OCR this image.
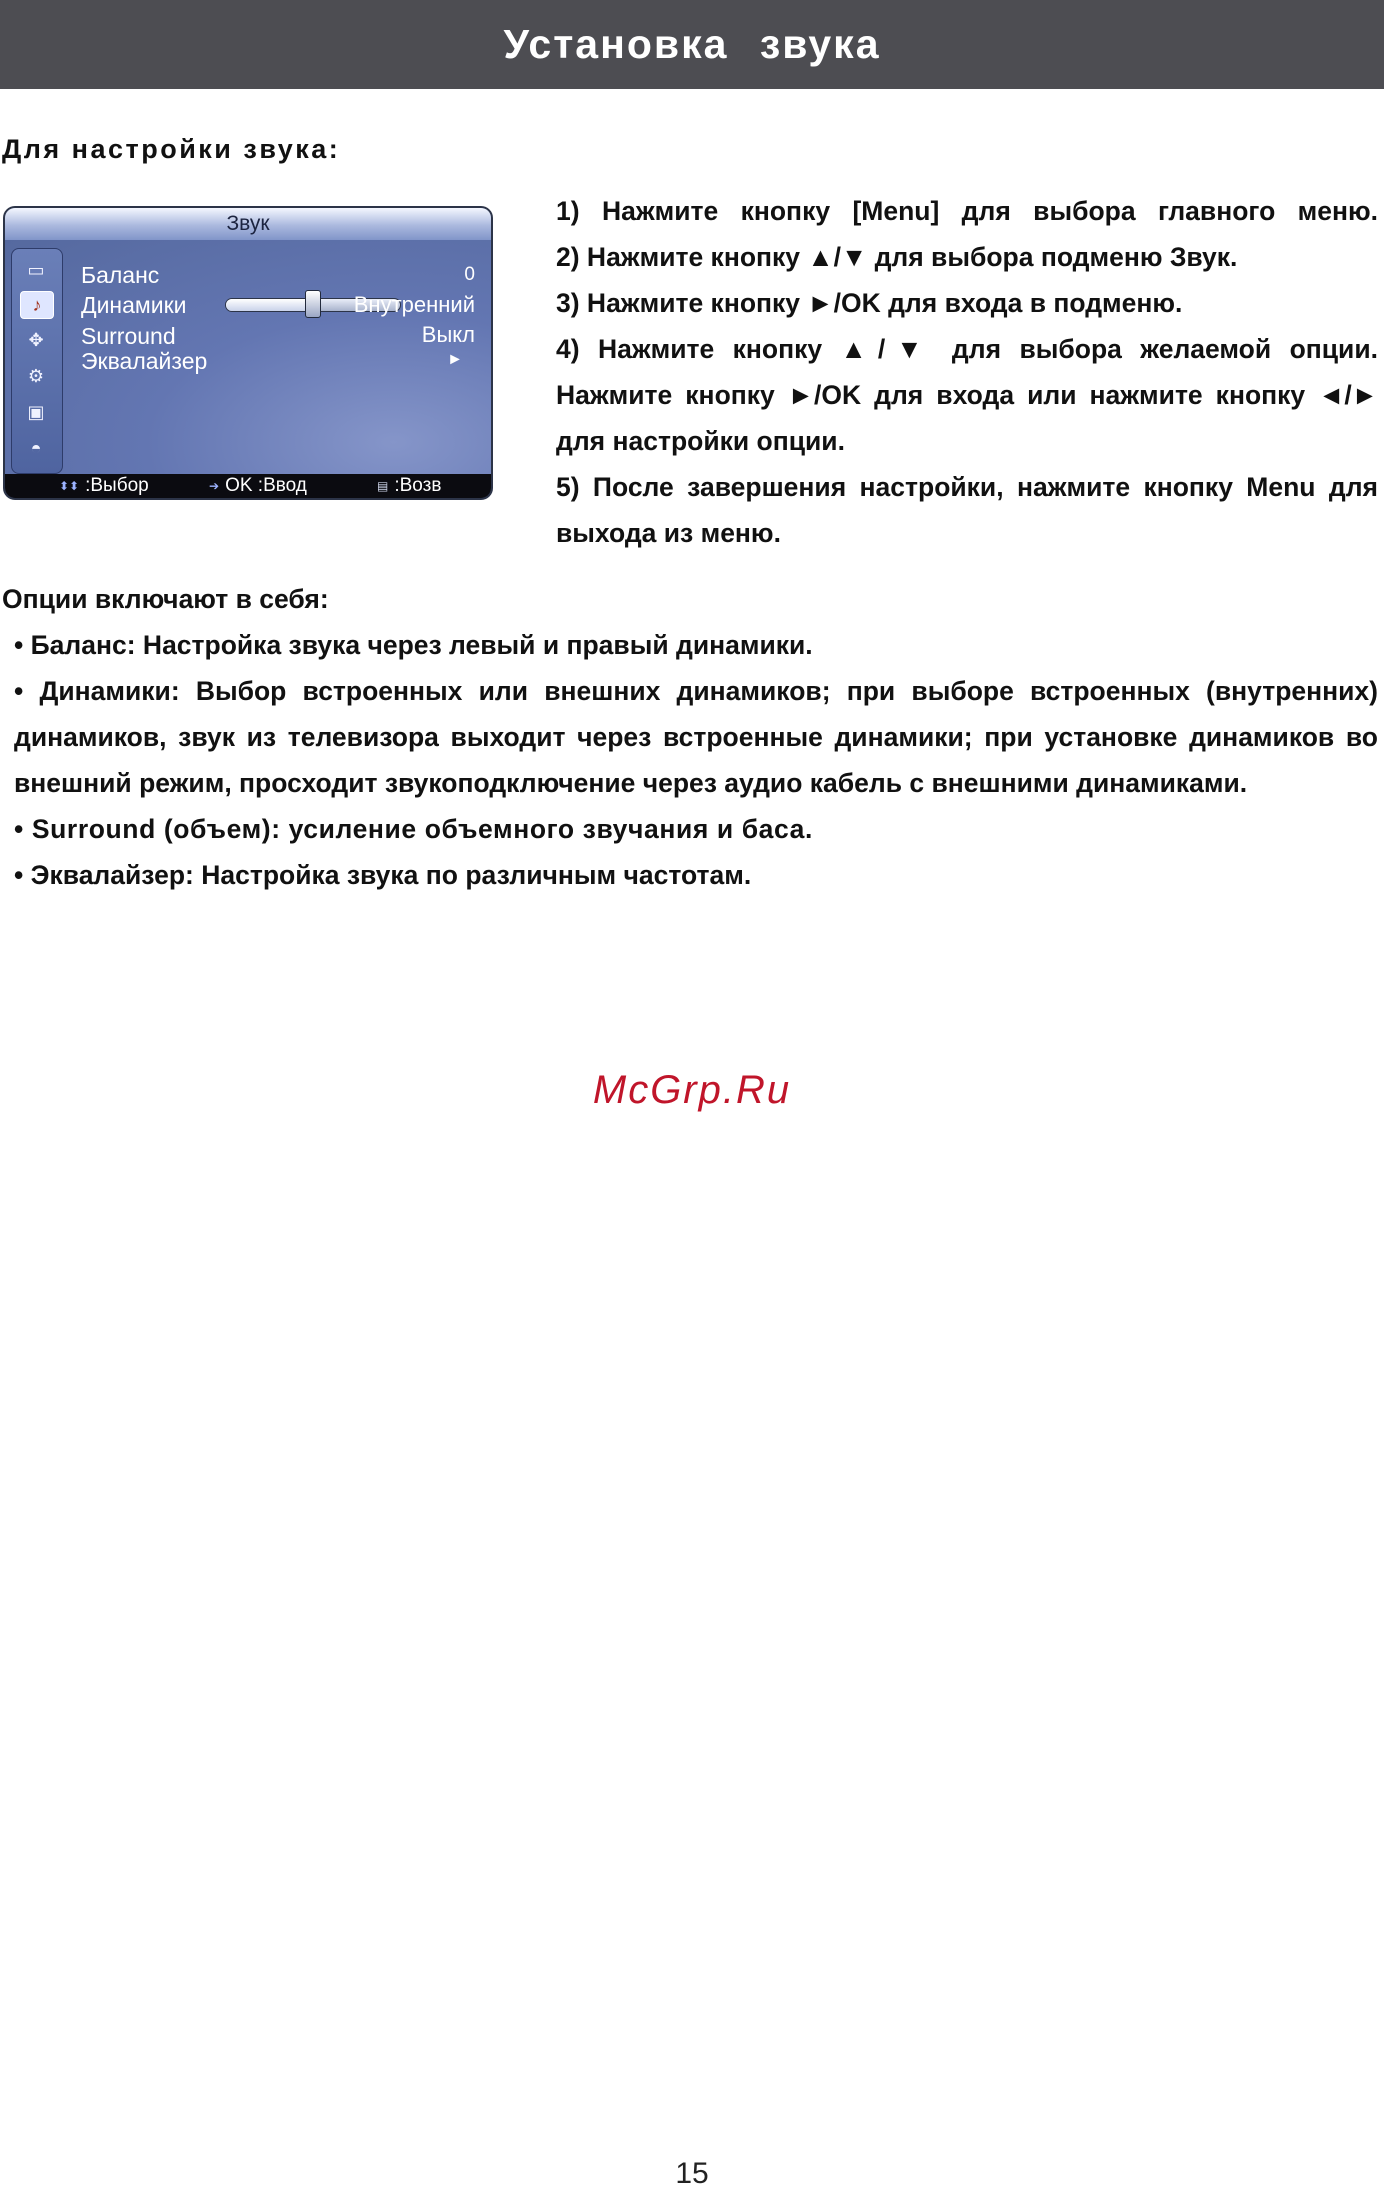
Установка звука
Для настройки звука:
Звук
▭
♪
✥
⚙
▣
◓
Баланс	0
Динамики	Внутренний
Surround	Выкл
Эквалайзер	►
⬍⬍ :Выбор	➔ OK :Ввод	▤ :Возв

1) Нажмите кнопку [Menu] для выбора главного меню.

2) Нажмите кнопку ▲/▼ для выбора подменю Звук.

3) Нажмите кнопку ►/OK для входа в подменю.

4) Нажмите кнопку ▲/▼ для выбора желаемой опции. Нажмите кнопку ►/OK для входа или нажмите кнопку ◄/► для настройки опции.

5) После завершения настройки, нажмите кнопку Menu для выхода из меню.

Опции включают в себя:

• Баланс: Настройка звука через левый и правый динамики.

• Динамики: Выбор встроенных или внешних динамиков; при выборе встроенных (внутренних) динамиков, звук из телевизора выходит через встроенные динамики; при установке динамиков во внешний режим, просходит звукоподключение через аудио кабель с внешними динамиками.

• Surround (объем): усиление объемного звучания и баса.

• Эквалайзер: Настройка звука по различным частотам.

McGrp.Ru
15
